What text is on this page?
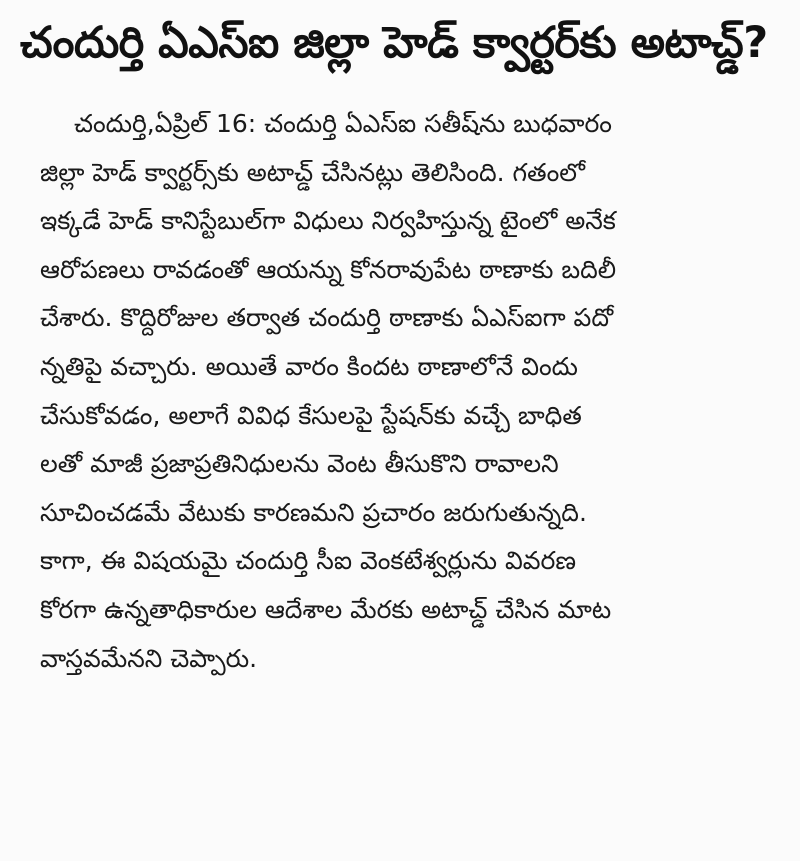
చందుర్తి ఏఎస్ఐ జిల్లా హెడ్ క్వార్టర్‌కు అటాచ్డ్?
చందుర్తి,ఏప్రిల్ 16: చందుర్తి ఏఎస్ఐ సతీష్‌ను బుధవారం
జిల్లా హెడ్ క్వార్టర్స్‌కు అటాచ్డ్ చేసినట్లు తెలిసింది. గతంలో
ఇక్కడే హెడ్ కానిస్టేబుల్‌గా విధులు నిర్వహిస్తున్న టైంలో అనేక
ఆరోపణలు రావడంతో ఆయన్ను కోనరావుపేట ఠాణాకు బదిలీ
చేశారు. కొద్దిరోజుల తర్వాత చందుర్తి ఠాణాకు ఏఎస్ఐగా పదో
న్నతిపై వచ్చారు. అయితే వారం కిందట ఠాణాలోనే విందు
చేసుకోవడం, అలాగే వివిధ కేసులపై స్టేషన్‌కు వచ్చే బాధిత
లతో మాజీ ప్రజాప్రతినిధులను వెంట తీసుకొని రావాలని
సూచించడమే వేటుకు కారణమని ప్రచారం జరుగుతున్నది.
కాగా, ఈ విషయమై చందుర్తి సీఐ వెంకటేశ్వర్లును వివరణ
కోరగా ఉన్నతాధికారుల ఆదేశాల మేరకు అటాచ్డ్ చేసిన మాట
వాస్తవమేనని చెప్పారు.
